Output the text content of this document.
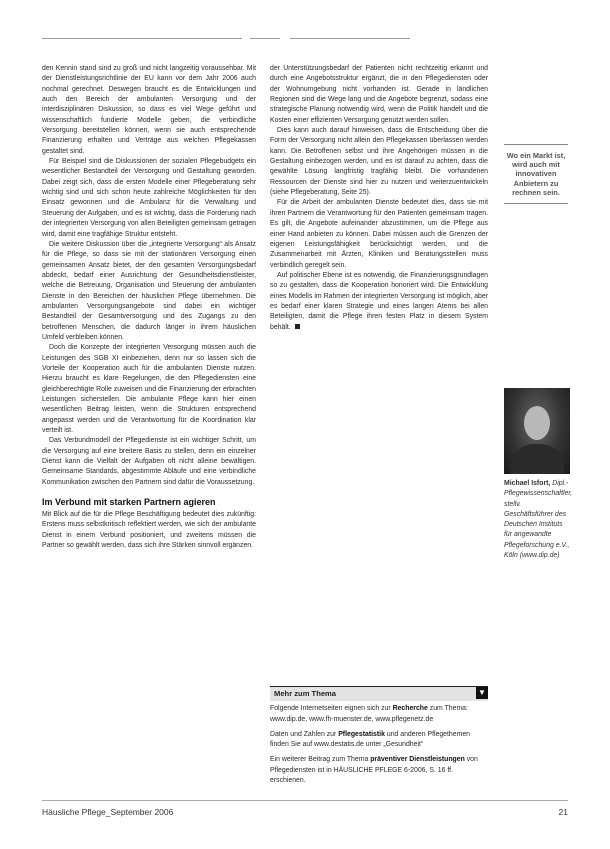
den Kennin stand sind zu groß und nicht langzeitig voraussehbar. Mit der Dienstleistungsrichtlinie der EU kann vor dem Jahr 2006 auch nochmal gerechnet. Deswegen braucht es die Entwicklungen und auch den Bereich der ambulanten Versorgung und der interdisziplinären Diskussion, so dass es viel Wege geführt und wissenschaftlich fundierte Modelle geben, die verbindliche Versorgung bereitstellen können, wenn sie auch entsprechende Finanzierung erhalten und Verträge aus welchen Pflegekassen gestaltet sind.

Für Beispiel sind die Diskussionen der sozialen Pflegebudgets ein wesentlicher Bestandteil der Versorgung und Gestaltung geworden. Dabei zeigt sich, dass die ersten Modelle einer Pflegeberatung sehr wichtig sind und sich schon heute zahlreiche Möglichkeiten für den Einsatz gewonnen und die Ambulanz für die Verwaltung und Steuerung der Aufgaben, und es ist wichtig, dass die Forderung nach der integrierten Versorgung von allen Beteiligten gemeinsam getragen wird, damit eine tragfähige Struktur entsteht.

Die weitere Diskussion über die „integrierte Versorgung“ als Ansatz für die Pflege, so dass sie mit der stationären Versorgung einen gemeinsamen Ansatz bietet, der den gesamten Versorgungsbedarf abdeckt, bedarf einer Ausrichtung der Gesundheitsdienstleister, welche die Betreuung, Organisation und Steuerung der ambulanten Dienste in den Bereichen der häuslichen Pflege übernehmen. Die ambulanten Versorgungsangebote sind dabei ein wichtiger Bestandteil der Gesamtversorgung und des Zugangs zu den betroffenen Menschen, die dadurch länger in ihrem häuslichen Umfeld verbleiben können.

Doch die Konzepte der integrierten Versorgung müssen auch die Leistungen des SGB XI einbeziehen, denn nur so lassen sich die Vorteile der Kooperation auch für die ambulanten Dienste nutzen. Hierzu braucht es klare Regelungen, die den Pflegediensten eine gleichberechtigte Rolle zuweisen und die Finanzierung der erbrachten Leistungen sicherstellen. Die ambulante Pflege kann hier einen wesentlichen Beitrag leisten, wenn die Strukturen entsprechend angepasst werden und die Verantwortung für die Koordination klar verteilt ist.

Das Verbundmodell der Pflegedienste ist ein wichtiger Schritt, um die Versorgung auf eine breitere Basis zu stellen, denn ein einzelner Dienst kann die Vielfalt der Aufgaben oft nicht alleine bewältigen. Gemeinsame Standards, abgestimmte Abläufe und eine verbindliche Kommunikation zwischen den Partnern sind dafür die Voraussetzung.

Im Verbund mit starken Partnern agieren

Mit Blick auf die für die Pflege Beschäftigung bedeutet dies zukünftig: Erstens muss selbstkritisch reflektiert werden, wie sich der ambulante Dienst in einem Verbund positioniert, und zweitens müssen die Partner so gewählt werden, dass sich ihre Stärken sinnvoll ergänzen.

der Unterstützungsbedarf der Patienten nicht rechtzeitig erkannt und durch eine Angebotsstruktur ergänzt, die in den Pflegediensten oder der Wohnumgebung nicht vorhanden ist. Gerade in ländlichen Regionen sind die Wege lang und die Angebote begrenzt, sodass eine strategische Planung notwendig wird, wenn die Politik handelt und die Kosten einer effizienten Versorgung genutzt werden sollen.

Dies kann auch darauf hinweisen, dass die Entscheidung über die Form der Versorgung nicht allein den Pflegekassen überlassen werden kann. Die Betroffenen selbst und ihre Angehörigen müssen in die Gestaltung einbezogen werden, und es ist darauf zu achten, dass die gewählte Lösung langfristig tragfähig bleibt. Die vorhandenen Ressourcen der Dienste sind hier zu nutzen und weiterzuentwickeln (siehe Pflegeberatung, Seite 25).

Für die Arbeit der ambulanten Dienste bedeutet dies, dass sie mit ihren Partnern die Verantwortung für den Patienten gemeinsam tragen. Es gilt, die Angebote aufeinander abzustimmen, um die Pflege aus einer Hand anbieten zu können. Dabei müssen auch die Grenzen der eigenen Leistungsfähigkeit berücksichtigt werden, und die Zusammenarbeit mit Ärzten, Kliniken und Beratungsstellen muss verbindlich geregelt sein.

Auf politischer Ebene ist es notwendig, die Finanzierungsgrundlagen so zu gestalten, dass die Kooperation honoriert wird. Die Entwicklung eines Modells im Rahmen der integrierten Versorgung ist möglich, aber es bedarf einer klaren Strategie und eines langen Atems bei allen Beteiligten, damit die Pflege ihren festen Platz in diesem System behält.

Wo ein Markt ist, wird auch mit innovativen Anbietern zu rechnen sein.
Michael Isfort, Dipl.-Pflegewissenschaftler, stellv. Geschäftsführer des Deutschen Instituts für angewandte Pflegeforschung e.V., Köln (www.dip.de)
Mehr zum Thema	▼

Folgende Internetseiten eignen sich zur Recherche zum Thema: www.dip.de, www.fh-muenster.de, www.pflegenetz.de

Daten und Zahlen zur Pflegestatistik und anderen Pflegethemen finden Sie auf www.destatis.de unter „Gesundheit“

Ein weiterer Beitrag zum Thema präventiver Dienstleistungen von Pflegediensten ist in HÄUSLICHE PFLEGE 6-2006, S. 16 ff. erschienen.

Häusliche Pflege_September 2006	21
